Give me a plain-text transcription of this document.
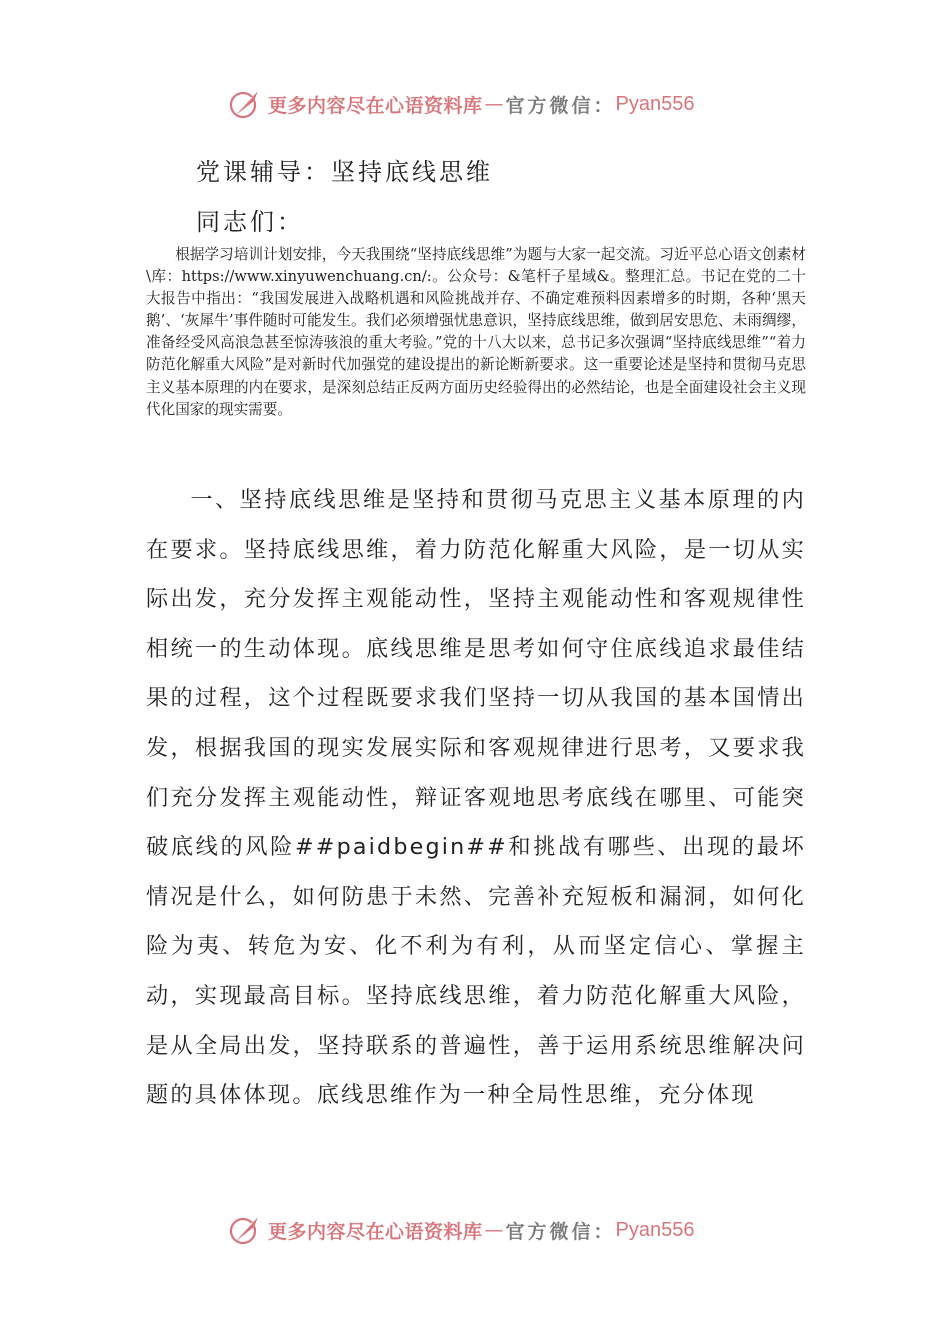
更多内容尽在心语资料库 — 官方微信： Pyan556
党课辅导：坚持底线思维
同志们：

根据学习培训计划安排，今天我围绕“坚持底线思维”为题与大家一起交流。习近平总心语文创素材\库：https://www.xinyuwenchuang.cn/:。公众号：&笔杆子星域&。整理汇总。书记在党的二十大报告中指出：“我国发展进入战略机遇和风险挑战并存、不确定难预料因素增多的时期，各种‘黑天鹅’、‘灰犀牛’事件随时可能发生。我们必须增强忧患意识，坚持底线思维，做到居安思危、未雨绸缪，准备经受风高浪急甚至惊涛骇浪的重大考验。”党的十八大以来，总书记多次强调“坚持底线思维”“着力防范化解重大风险”是对新时代加强党的建设提出的新论断新要求。这一重要论述是坚持和贯彻马克思主义基本原理的内在要求，是深刻总结正反两方面历史经验得出的必然结论，也是全面建设社会主义现代化国家的现实需要。

一、坚持底线思维是坚持和贯彻马克思主义基本原理的内在要求。坚持底线思维，着力防范化解重大风险，是一切从实际出发，充分发挥主观能动性，坚持主观能动性和客观规律性相统一的生动体现。底线思维是思考如何守住底线追求最佳结果的过程，这个过程既要求我们坚持一切从我国的基本国情出发，根据我国的现实发展实际和客观规律进行思考，又要求我们充分发挥主观能动性，辩证客观地思考底线在哪里、可能突破底线的风险##paidbegin##和挑战有哪些、出现的最坏情况是什么，如何防患于未然、完善补充短板和漏洞，如何化险为夷、转危为安、化不利为有利，从而坚定信心、掌握主动，实现最高目标。坚持底线思维，着力防范化解重大风险，是从全局出发，坚持联系的普遍性，善于运用系统思维解决问题的具体体现。底线思维作为一种全局性思维，充分体现

更多内容尽在心语资料库 — 官方微信： Pyan556
